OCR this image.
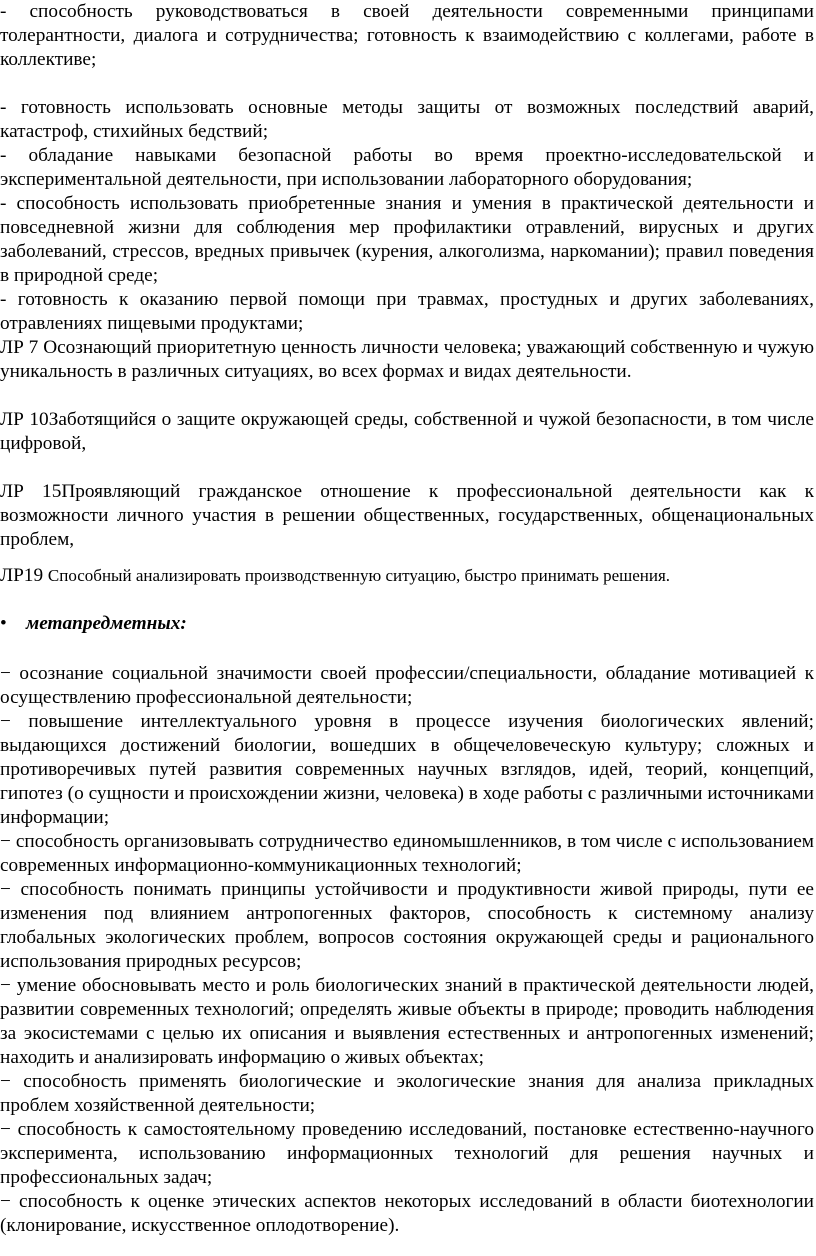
- способность руководствоваться в своей деятельности современными принципами толерантности, диалога и сотрудничества; готовность к взаимодействию с коллегами, работе в коллективе;

- готовность использовать основные методы защиты от возможных последствий аварий, катастроф, стихийных бедствий;

- обладание навыками безопасной работы во время проектно-исследовательской и экспериментальной деятельности, при использовании лабораторного оборудования;

- способность использовать приобретенные знания и умения в практической деятельности и повседневной жизни для соблюдения мер профилактики отравлений, вирусных и других заболеваний, стрессов, вредных привычек (курения, алкоголизма, наркомании); правил поведения в природной среде;

- готовность к оказанию первой помощи при травмах, простудных и других заболеваниях, отравлениях пищевыми продуктами;

ЛР 7 Осознающий приоритетную ценность личности человека; уважающий собственную и чужую уникальность в различных ситуациях, во всех формах и видах деятельности.

ЛР 10Заботящийся о защите окружающей среды, собственной и чужой безопасности, в том числе цифровой,

ЛР 15Проявляющий гражданское отношение к профессиональной деятельности как к возможности личного участия в решении общественных, государственных, общенациональных проблем,

ЛР19 Способный анализировать производственную ситуацию, быстро принимать решения.

• метапредметных:

− осознание социальной значимости своей профессии/специальности, обладание мотивацией к осуществлению профессиональной деятельности;

− повышение интеллектуального уровня в процессе изучения биологических явлений; выдающихся достижений биологии, вошедших в общечеловеческую культуру; сложных и противоречивых путей развития современных научных взглядов, идей, теорий, концепций, гипотез (о сущности и происхождении жизни, человека) в ходе работы с различными источниками информации;

− способность организовывать сотрудничество единомышленников, в том числе с использованием современных информационно-коммуникационных технологий;

− способность понимать принципы устойчивости и продуктивности живой природы, пути ее изменения под влиянием антропогенных факторов, способность к системному анализу глобальных экологических проблем, вопросов состояния окружающей среды и рационального использования природных ресурсов;

− умение обосновывать место и роль биологических знаний в практической деятельности людей, развитии современных технологий; определять живые объекты в природе; проводить наблюдения за экосистемами с целью их описания и выявления естественных и антропогенных изменений; находить и анализировать информацию о живых объектах;

− способность применять биологические и экологические знания для анализа прикладных проблем хозяйственной деятельности;

− способность к самостоятельному проведению исследований, постановке естественно-научного эксперимента, использованию информационных технологий для решения научных и профессиональных задач;

− способность к оценке этических аспектов некоторых исследований в области биотехнологии (клонирование, искусственное оплодотворение).
